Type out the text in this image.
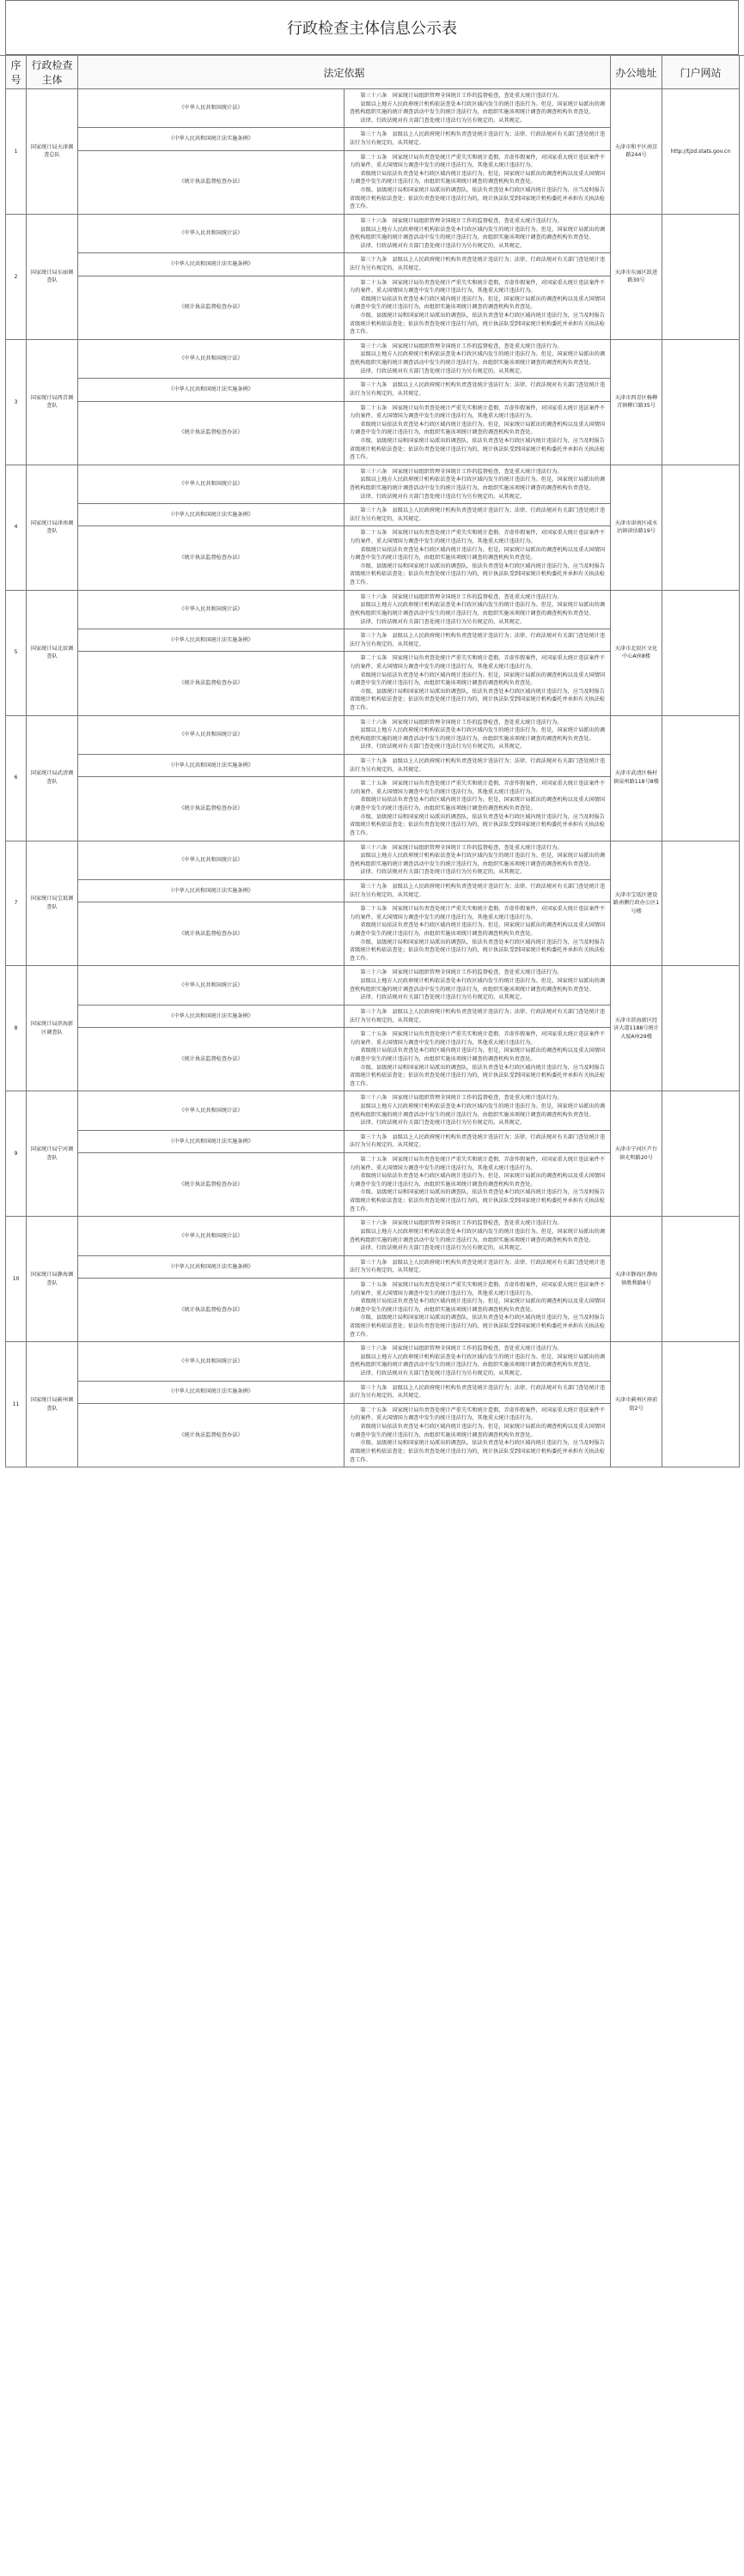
行政检查主体信息公示表
序号	行政检查主体	法定依据		办公地址	门户网站
1	国家统计局天津调查总队	《中华人民共和国统计法》	第三十六条　国家统计局组织管理全国统计工作的监督检查，查处重大统计违法行为。

县级以上地方人民政府统计机构依法查处本行政区域内发生的统计违法行为。但是，国家统计局派出的调查机构组织实施的统计调查活动中发生的统计违法行为，由组织实施该项统计调查的调查机构负责查处。

法律、行政法规对有关部门查处统计违法行为另有规定的，从其规定。	天津市和平区南京路244号	http://tjzd.stats.gov.cn
		《中华人民共和国统计法实施条例》	第三十九条　县级以上人民政府统计机构负责查处统计违法行为；法律、行政法规对有关部门查处统计违法行为另有规定的，从其规定。		

		《统计执法监督检查办法》	第二十五条　国家统计局负责查处统计严重失实和统计造假、弄虚作假案件，对国家重大统计违法案件不力的案件、重大国情国力调查中发生的统计违法行为，其他重大统计违法行为。

省级统计局依法负责查处本行政区域内统计违法行为。但是，国家统计局派出的调查机构以及重大国情国力调查中发生的统计违法行为，由组织实施该项统计调查的调查机构负责查处。

市级、县级统计局和国家统计局派出的调查队，依法负责查处本行政区域内统计违法行为，应当及时报告省级统计机构依法查处；依法负责查处统计违法行为的，统计执法队受到国家统计机构委托并承担有关执法检查工作。		

2	国家统计局东丽调查队	《中华人民共和国统计法》	第三十六条　国家统计局组织管理全国统计工作的监督检查，查处重大统计违法行为。

县级以上地方人民政府统计机构依法查处本行政区域内发生的统计违法行为。但是，国家统计局派出的调查机构组织实施的统计调查活动中发生的统计违法行为，由组织实施该项统计调查的调查机构负责查处。

法律、行政法规对有关部门查处统计违法行为另有规定的，从其规定。	天津市东丽区跃进路30号	
		《中华人民共和国统计法实施条例》	第三十九条　县级以上人民政府统计机构负责查处统计违法行为；法律、行政法规对有关部门查处统计违法行为另有规定的，从其规定。		

		《统计执法监督检查办法》	第二十五条　国家统计局负责查处统计严重失实和统计造假、弄虚作假案件，对国家重大统计违法案件不力的案件、重大国情国力调查中发生的统计违法行为，其他重大统计违法行为。

省级统计局依法负责查处本行政区域内统计违法行为。但是，国家统计局派出的调查机构以及重大国情国力调查中发生的统计违法行为，由组织实施该项统计调查的调查机构负责查处。

市级、县级统计局和国家统计局派出的调查队，依法负责查处本行政区域内统计违法行为，应当及时报告省级统计机构依法查处；依法负责查处统计违法行为的，统计执法队受到国家统计机构委托并承担有关执法检查工作。		

3	国家统计局西青调查队	《中华人民共和国统计法》	第三十六条　国家统计局组织管理全国统计工作的监督检查，查处重大统计违法行为。

县级以上地方人民政府统计机构依法查处本行政区域内发生的统计违法行为。但是，国家统计局派出的调查机构组织实施的统计调查活动中发生的统计违法行为，由组织实施该项统计调查的调查机构负责查处。

法律、行政法规对有关部门查处统计违法行为另有规定的，从其规定。	天津市西青区杨柳青镇柳口路35号	
		《中华人民共和国统计法实施条例》	第三十九条　县级以上人民政府统计机构负责查处统计违法行为；法律、行政法规对有关部门查处统计违法行为另有规定的，从其规定。		

		《统计执法监督检查办法》	第二十五条　国家统计局负责查处统计严重失实和统计造假、弄虚作假案件，对国家重大统计违法案件不力的案件、重大国情国力调查中发生的统计违法行为，其他重大统计违法行为。

省级统计局依法负责查处本行政区域内统计违法行为。但是，国家统计局派出的调查机构以及重大国情国力调查中发生的统计违法行为，由组织实施该项统计调查的调查机构负责查处。

市级、县级统计局和国家统计局派出的调查队，依法负责查处本行政区域内统计违法行为，应当及时报告省级统计机构依法查处；依法负责查处统计违法行为的，统计执法队受到国家统计机构委托并承担有关执法检查工作。		

4	国家统计局津南调查队	《中华人民共和国统计法》	第三十六条　国家统计局组织管理全国统计工作的监督检查，查处重大统计违法行为。

县级以上地方人民政府统计机构依法查处本行政区域内发生的统计违法行为。但是，国家统计局派出的调查机构组织实施的统计调查活动中发生的统计违法行为，由组织实施该项统计调查的调查机构负责查处。

法律、行政法规对有关部门查处统计违法行为另有规定的，从其规定。	天津市津南区咸水沽镇津沽路19号	
		《中华人民共和国统计法实施条例》	第三十九条　县级以上人民政府统计机构负责查处统计违法行为；法律、行政法规对有关部门查处统计违法行为另有规定的，从其规定。		

		《统计执法监督检查办法》	第二十五条　国家统计局负责查处统计严重失实和统计造假、弄虚作假案件，对国家重大统计违法案件不力的案件、重大国情国力调查中发生的统计违法行为，其他重大统计违法行为。

省级统计局依法负责查处本行政区域内统计违法行为。但是，国家统计局派出的调查机构以及重大国情国力调查中发生的统计违法行为，由组织实施该项统计调查的调查机构负责查处。

市级、县级统计局和国家统计局派出的调查队，依法负责查处本行政区域内统计违法行为，应当及时报告省级统计机构依法查处；依法负责查处统计违法行为的，统计执法队受到国家统计机构委托并承担有关执法检查工作。		

5	国家统计局北辰调查队	《中华人民共和国统计法》	第三十六条　国家统计局组织管理全国统计工作的监督检查，查处重大统计违法行为。

县级以上地方人民政府统计机构依法查处本行政区域内发生的统计违法行为。但是，国家统计局派出的调查机构组织实施的统计调查活动中发生的统计违法行为，由组织实施该项统计调查的调查机构负责查处。

法律、行政法规对有关部门查处统计违法行为另有规定的，从其规定。	天津市北辰区文化中心A座8楼	
		《中华人民共和国统计法实施条例》	第三十九条　县级以上人民政府统计机构负责查处统计违法行为；法律、行政法规对有关部门查处统计违法行为另有规定的，从其规定。		

		《统计执法监督检查办法》	第二十五条　国家统计局负责查处统计严重失实和统计造假、弄虚作假案件，对国家重大统计违法案件不力的案件、重大国情国力调查中发生的统计违法行为，其他重大统计违法行为。

省级统计局依法负责查处本行政区域内统计违法行为。但是，国家统计局派出的调查机构以及重大国情国力调查中发生的统计违法行为，由组织实施该项统计调查的调查机构负责查处。

市级、县级统计局和国家统计局派出的调查队，依法负责查处本行政区域内统计违法行为，应当及时报告省级统计机构依法查处；依法负责查处统计违法行为的，统计执法队受到国家统计机构委托并承担有关执法检查工作。		

6	国家统计局武清调查队	《中华人民共和国统计法》	第三十六条　国家统计局组织管理全国统计工作的监督检查，查处重大统计违法行为。

县级以上地方人民政府统计机构依法查处本行政区域内发生的统计违法行为。但是，国家统计局派出的调查机构组织实施的统计调查活动中发生的统计违法行为，由组织实施该项统计调查的调查机构负责查处。

法律、行政法规对有关部门查处统计违法行为另有规定的，从其规定。	天津市武清区杨村镇泉州路118号8楼	
		《中华人民共和国统计法实施条例》	第三十九条　县级以上人民政府统计机构负责查处统计违法行为；法律、行政法规对有关部门查处统计违法行为另有规定的，从其规定。		

		《统计执法监督检查办法》	第二十五条　国家统计局负责查处统计严重失实和统计造假、弄虚作假案件，对国家重大统计违法案件不力的案件、重大国情国力调查中发生的统计违法行为，其他重大统计违法行为。

省级统计局依法负责查处本行政区域内统计违法行为。但是，国家统计局派出的调查机构以及重大国情国力调查中发生的统计违法行为，由组织实施该项统计调查的调查机构负责查处。

市级、县级统计局和国家统计局派出的调查队，依法负责查处本行政区域内统计违法行为，应当及时报告省级统计机构依法查处；依法负责查处统计违法行为的，统计执法队受到国家统计机构委托并承担有关执法检查工作。		

7	国家统计局宝坻调查队	《中华人民共和国统计法》	第三十六条　国家统计局组织管理全国统计工作的监督检查，查处重大统计违法行为。

县级以上地方人民政府统计机构依法查处本行政区域内发生的统计违法行为。但是，国家统计局派出的调查机构组织实施的统计调查活动中发生的统计违法行为，由组织实施该项统计调查的调查机构负责查处。

法律、行政法规对有关部门查处统计违法行为另有规定的，从其规定。	天津市宝坻区建设路南侧行政办公区1号楼	
		《中华人民共和国统计法实施条例》	第三十九条　县级以上人民政府统计机构负责查处统计违法行为；法律、行政法规对有关部门查处统计违法行为另有规定的，从其规定。		

		《统计执法监督检查办法》	第二十五条　国家统计局负责查处统计严重失实和统计造假、弄虚作假案件，对国家重大统计违法案件不力的案件、重大国情国力调查中发生的统计违法行为，其他重大统计违法行为。

省级统计局依法负责查处本行政区域内统计违法行为。但是，国家统计局派出的调查机构以及重大国情国力调查中发生的统计违法行为，由组织实施该项统计调查的调查机构负责查处。

市级、县级统计局和国家统计局派出的调查队，依法负责查处本行政区域内统计违法行为，应当及时报告省级统计机构依法查处；依法负责查处统计违法行为的，统计执法队受到国家统计机构委托并承担有关执法检查工作。		

8	国家统计局滨海新区调查队	《中华人民共和国统计法》	第三十六条　国家统计局组织管理全国统计工作的监督检查，查处重大统计违法行为。

县级以上地方人民政府统计机构依法查处本行政区域内发生的统计违法行为。但是，国家统计局派出的调查机构组织实施的统计调查活动中发生的统计违法行为，由组织实施该项统计调查的调查机构负责查处。

法律、行政法规对有关部门查处统计违法行为另有规定的，从其规定。	天津市滨海新区经济大道1188号统计大厦A座29楼	
		《中华人民共和国统计法实施条例》	第三十九条　县级以上人民政府统计机构负责查处统计违法行为；法律、行政法规对有关部门查处统计违法行为另有规定的，从其规定。		

		《统计执法监督检查办法》	第二十五条　国家统计局负责查处统计严重失实和统计造假、弄虚作假案件，对国家重大统计违法案件不力的案件、重大国情国力调查中发生的统计违法行为，其他重大统计违法行为。

省级统计局依法负责查处本行政区域内统计违法行为。但是，国家统计局派出的调查机构以及重大国情国力调查中发生的统计违法行为，由组织实施该项统计调查的调查机构负责查处。

市级、县级统计局和国家统计局派出的调查队，依法负责查处本行政区域内统计违法行为，应当及时报告省级统计机构依法查处；依法负责查处统计违法行为的，统计执法队受到国家统计机构委托并承担有关执法检查工作。		

9	国家统计局宁河调查队	《中华人民共和国统计法》	第三十六条　国家统计局组织管理全国统计工作的监督检查，查处重大统计违法行为。

县级以上地方人民政府统计机构依法查处本行政区域内发生的统计违法行为。但是，国家统计局派出的调查机构组织实施的统计调查活动中发生的统计违法行为，由组织实施该项统计调查的调查机构负责查处。

法律、行政法规对有关部门查处统计违法行为另有规定的，从其规定。	天津市宁河区芦台镇光明路20号	
		《中华人民共和国统计法实施条例》	第三十九条　县级以上人民政府统计机构负责查处统计违法行为；法律、行政法规对有关部门查处统计违法行为另有规定的，从其规定。		

		《统计执法监督检查办法》	第二十五条　国家统计局负责查处统计严重失实和统计造假、弄虚作假案件，对国家重大统计违法案件不力的案件、重大国情国力调查中发生的统计违法行为，其他重大统计违法行为。

省级统计局依法负责查处本行政区域内统计违法行为。但是，国家统计局派出的调查机构以及重大国情国力调查中发生的统计违法行为，由组织实施该项统计调查的调查机构负责查处。

市级、县级统计局和国家统计局派出的调查队，依法负责查处本行政区域内统计违法行为，应当及时报告省级统计机构依法查处；依法负责查处统计违法行为的，统计执法队受到国家统计机构委托并承担有关执法检查工作。		

10	国家统计局静海调查队	《中华人民共和国统计法》	第三十六条　国家统计局组织管理全国统计工作的监督检查，查处重大统计违法行为。

县级以上地方人民政府统计机构依法查处本行政区域内发生的统计违法行为。但是，国家统计局派出的调查机构组织实施的统计调查活动中发生的统计违法行为，由组织实施该项统计调查的调查机构负责查处。

法律、行政法规对有关部门查处统计违法行为另有规定的，从其规定。	天津市静海区静海镇胜利路8号	
		《中华人民共和国统计法实施条例》	第三十九条　县级以上人民政府统计机构负责查处统计违法行为；法律、行政法规对有关部门查处统计违法行为另有规定的，从其规定。		

		《统计执法监督检查办法》	第二十五条　国家统计局负责查处统计严重失实和统计造假、弄虚作假案件，对国家重大统计违法案件不力的案件、重大国情国力调查中发生的统计违法行为，其他重大统计违法行为。

省级统计局依法负责查处本行政区域内统计违法行为。但是，国家统计局派出的调查机构以及重大国情国力调查中发生的统计违法行为，由组织实施该项统计调查的调查机构负责查处。

市级、县级统计局和国家统计局派出的调查队，依法负责查处本行政区域内统计违法行为，应当及时报告省级统计机构依法查处；依法负责查处统计违法行为的，统计执法队受到国家统计机构委托并承担有关执法检查工作。		

11	国家统计局蓟州调查队	《中华人民共和国统计法》	第三十六条　国家统计局组织管理全国统计工作的监督检查，查处重大统计违法行为。

县级以上地方人民政府统计机构依法查处本行政区域内发生的统计违法行为。但是，国家统计局派出的调查机构组织实施的统计调查活动中发生的统计违法行为，由组织实施该项统计调查的调查机构负责查处。

法律、行政法规对有关部门查处统计违法行为另有规定的，从其规定。	天津市蓟州区府前街2号	
		《中华人民共和国统计法实施条例》	第三十九条　县级以上人民政府统计机构负责查处统计违法行为；法律、行政法规对有关部门查处统计违法行为另有规定的，从其规定。		

		《统计执法监督检查办法》	第二十五条　国家统计局负责查处统计严重失实和统计造假、弄虚作假案件，对国家重大统计违法案件不力的案件、重大国情国力调查中发生的统计违法行为，其他重大统计违法行为。

省级统计局依法负责查处本行政区域内统计违法行为。但是，国家统计局派出的调查机构以及重大国情国力调查中发生的统计违法行为，由组织实施该项统计调查的调查机构负责查处。

市级、县级统计局和国家统计局派出的调查队，依法负责查处本行政区域内统计违法行为，应当及时报告省级统计机构依法查处；依法负责查处统计违法行为的，统计执法队受到国家统计机构委托并承担有关执法检查工作。		
